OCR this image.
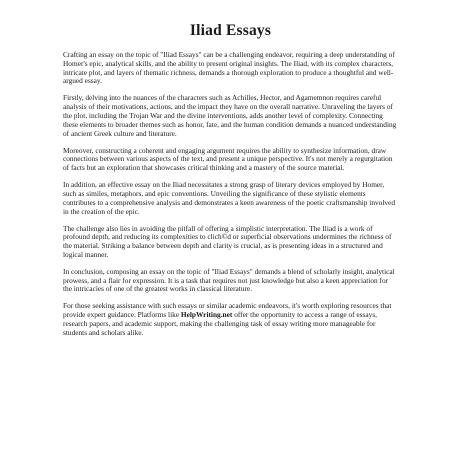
Iliad Essays

Crafting an essay on the topic of "Iliad Essays" can be a challenging endeavor, requiring a deep understanding of Homer's epic, analytical skills, and the ability to present original insights. The Iliad, with its complex characters, intricate plot, and layers of thematic richness, demands a thorough exploration to produce a thoughtful and well-argued essay.

Firstly, delving into the nuances of the characters such as Achilles, Hector, and Agamemnon requires careful analysis of their motivations, actions, and the impact they have on the overall narrative. Unraveling the layers of the plot, including the Trojan War and the divine interventions, adds another level of complexity. Connecting these elements to broader themes such as honor, fate, and the human condition demands a nuanced understanding of ancient Greek culture and literature.

Moreover, constructing a coherent and engaging argument requires the ability to synthesize information, draw connections between various aspects of the text, and present a unique perspective. It's not merely a regurgitation of facts but an exploration that showcases critical thinking and a mastery of the source material.

In addition, an effective essay on the Iliad necessitates a strong grasp of literary devices employed by Homer, such as similes, metaphors, and epic conventions. Unveiling the significance of these stylistic elements contributes to a comprehensive analysis and demonstrates a keen awareness of the poetic craftsmanship involved in the creation of the epic.

The challenge also lies in avoiding the pitfall of offering a simplistic interpretation. The Iliad is a work of profound depth, and reducing its complexities to clich©d or superficial observations undermines the richness of the material. Striking a balance between depth and clarity is crucial, as is presenting ideas in a structured and logical manner.

In conclusion, composing an essay on the topic of "Iliad Essays" demands a blend of scholarly insight, analytical prowess, and a flair for expression. It is a task that requires not just knowledge but also a keen appreciation for the intricacies of one of the greatest works in classical literature.

For those seeking assistance with such essays or similar academic endeavors, it's worth exploring resources that provide expert guidance. Platforms like HelpWriting.net offer the opportunity to access a range of essays, research papers, and academic support, making the challenging task of essay writing more manageable for students and scholars alike.
